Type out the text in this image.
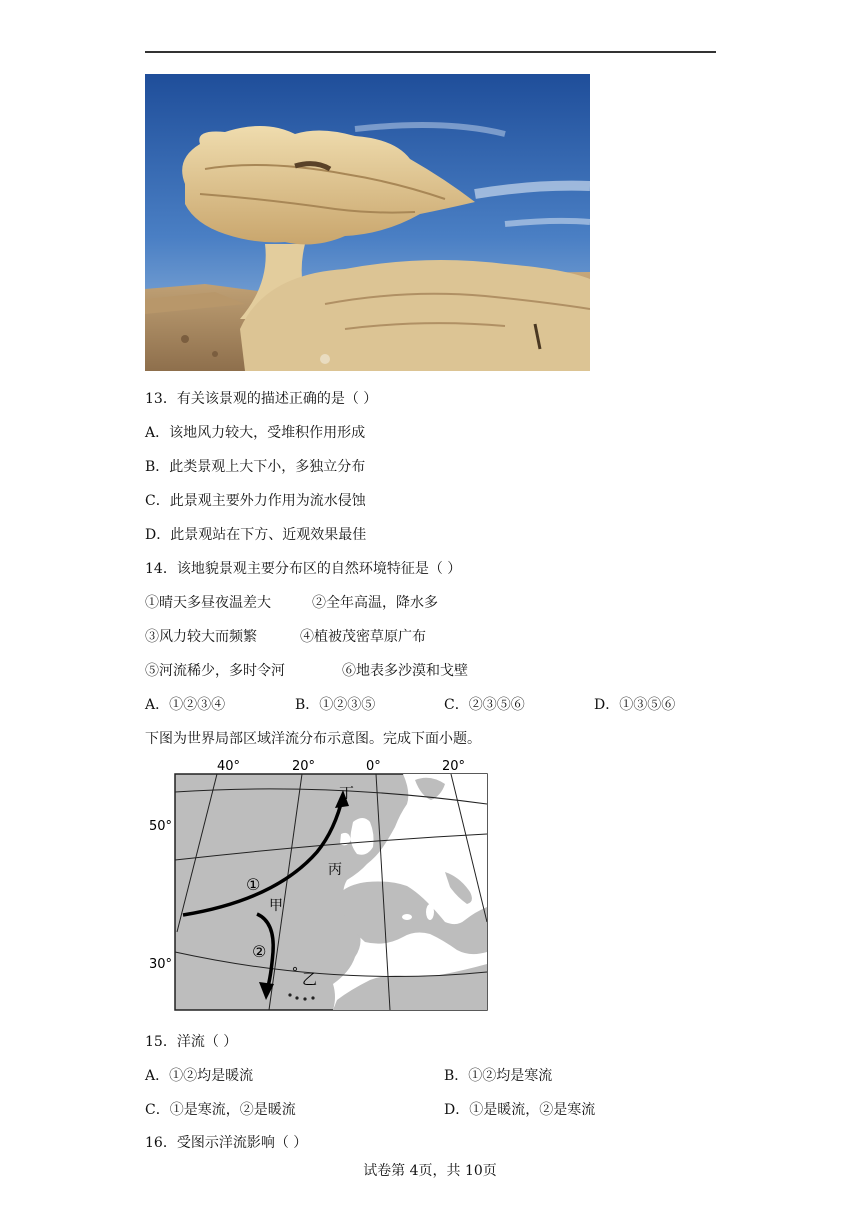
13．有关该景观的描述正确的是（ ）
A．该地风力较大，受堆积作用形成
B．此类景观上大下小，多独立分布
C．此景观主要外力作用为流水侵蚀
D．此景观站在下方、近观效果最佳
14．该地貌景观主要分布区的自然环境特征是（ ）
①晴天多昼夜温差大	②全年高温，降水多
③风力较大而频繁	④植被茂密草原广布
⑤河流稀少，多时令河	⑥地表多沙漠和戈壁
A．①②③④	B．①②③⑤	C．②③⑤⑥	D．①③⑤⑥
下图为世界局部区域洋流分布示意图。完成下面小题。
40°	20°	0°	20°
50°
30°
丁
丙
甲
乙
①
②
15．洋流（ ）
A．①②均是暖流	B．①②均是寒流
C．①是寒流，②是暖流	D．①是暖流，②是寒流
16．受图示洋流影响（ ）
试卷第 4页，共 10页
